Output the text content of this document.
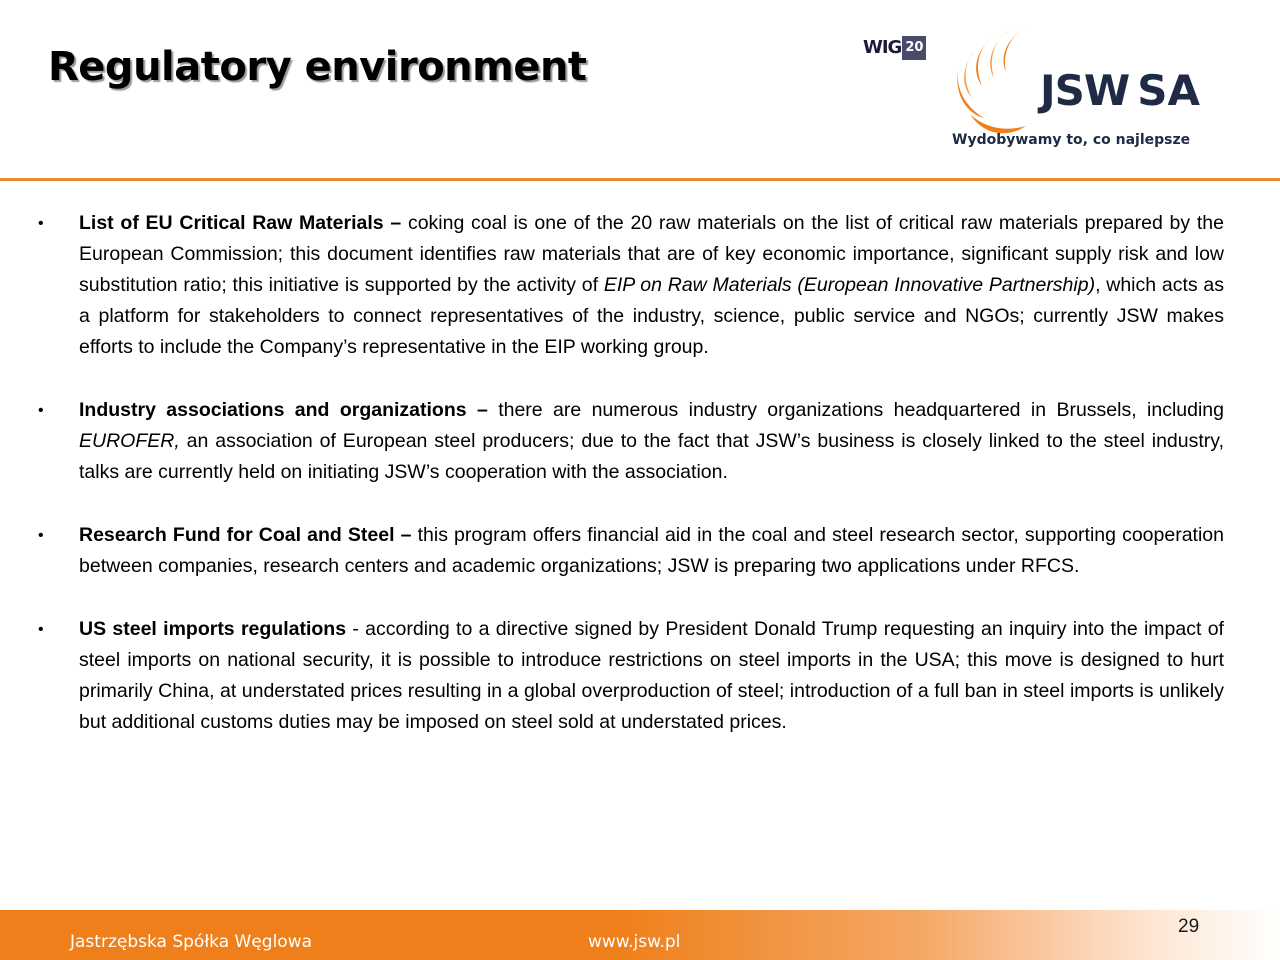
Regulatory environment	WIG 20
JSW SA
Wydobywamy to, co najlepsze
• List of EU Critical Raw Materials – coking coal is one of the 20 raw materials on the list of critical raw materials prepared by the European Commission; this document identifies raw materials that are of key economic importance, significant supply risk and low substitution ratio; this initiative is supported by the activity of EIP on Raw Materials (European Innovative Partnership), which acts as a platform for stakeholders to connect representatives of the industry, science, public service and NGOs; currently JSW makes efforts to include the Company’s representative in the EIP working group.

• Industry associations and organizations – there are numerous industry organizations headquartered in Brussels, including EUROFER, an association of European steel producers; due to the fact that JSW’s business is closely linked to the steel industry, talks are currently held on initiating JSW’s cooperation with the association.

• Research Fund for Coal and Steel – this program offers financial aid in the coal and steel research sector, supporting cooperation between companies, research centers and academic organizations; JSW is preparing two applications under RFCS.

• US steel imports regulations - according to a directive signed by President Donald Trump requesting an inquiry into the impact of steel imports on national security, it is possible to introduce restrictions on steel imports in the USA; this move is designed to hurt primarily China, at understated prices resulting in a global overproduction of steel; introduction of a full ban in steel imports is unlikely but additional customs duties may be imposed on steel sold at understated prices.

Jastrzębska Spółka Węglowa	www.jsw.pl
29
